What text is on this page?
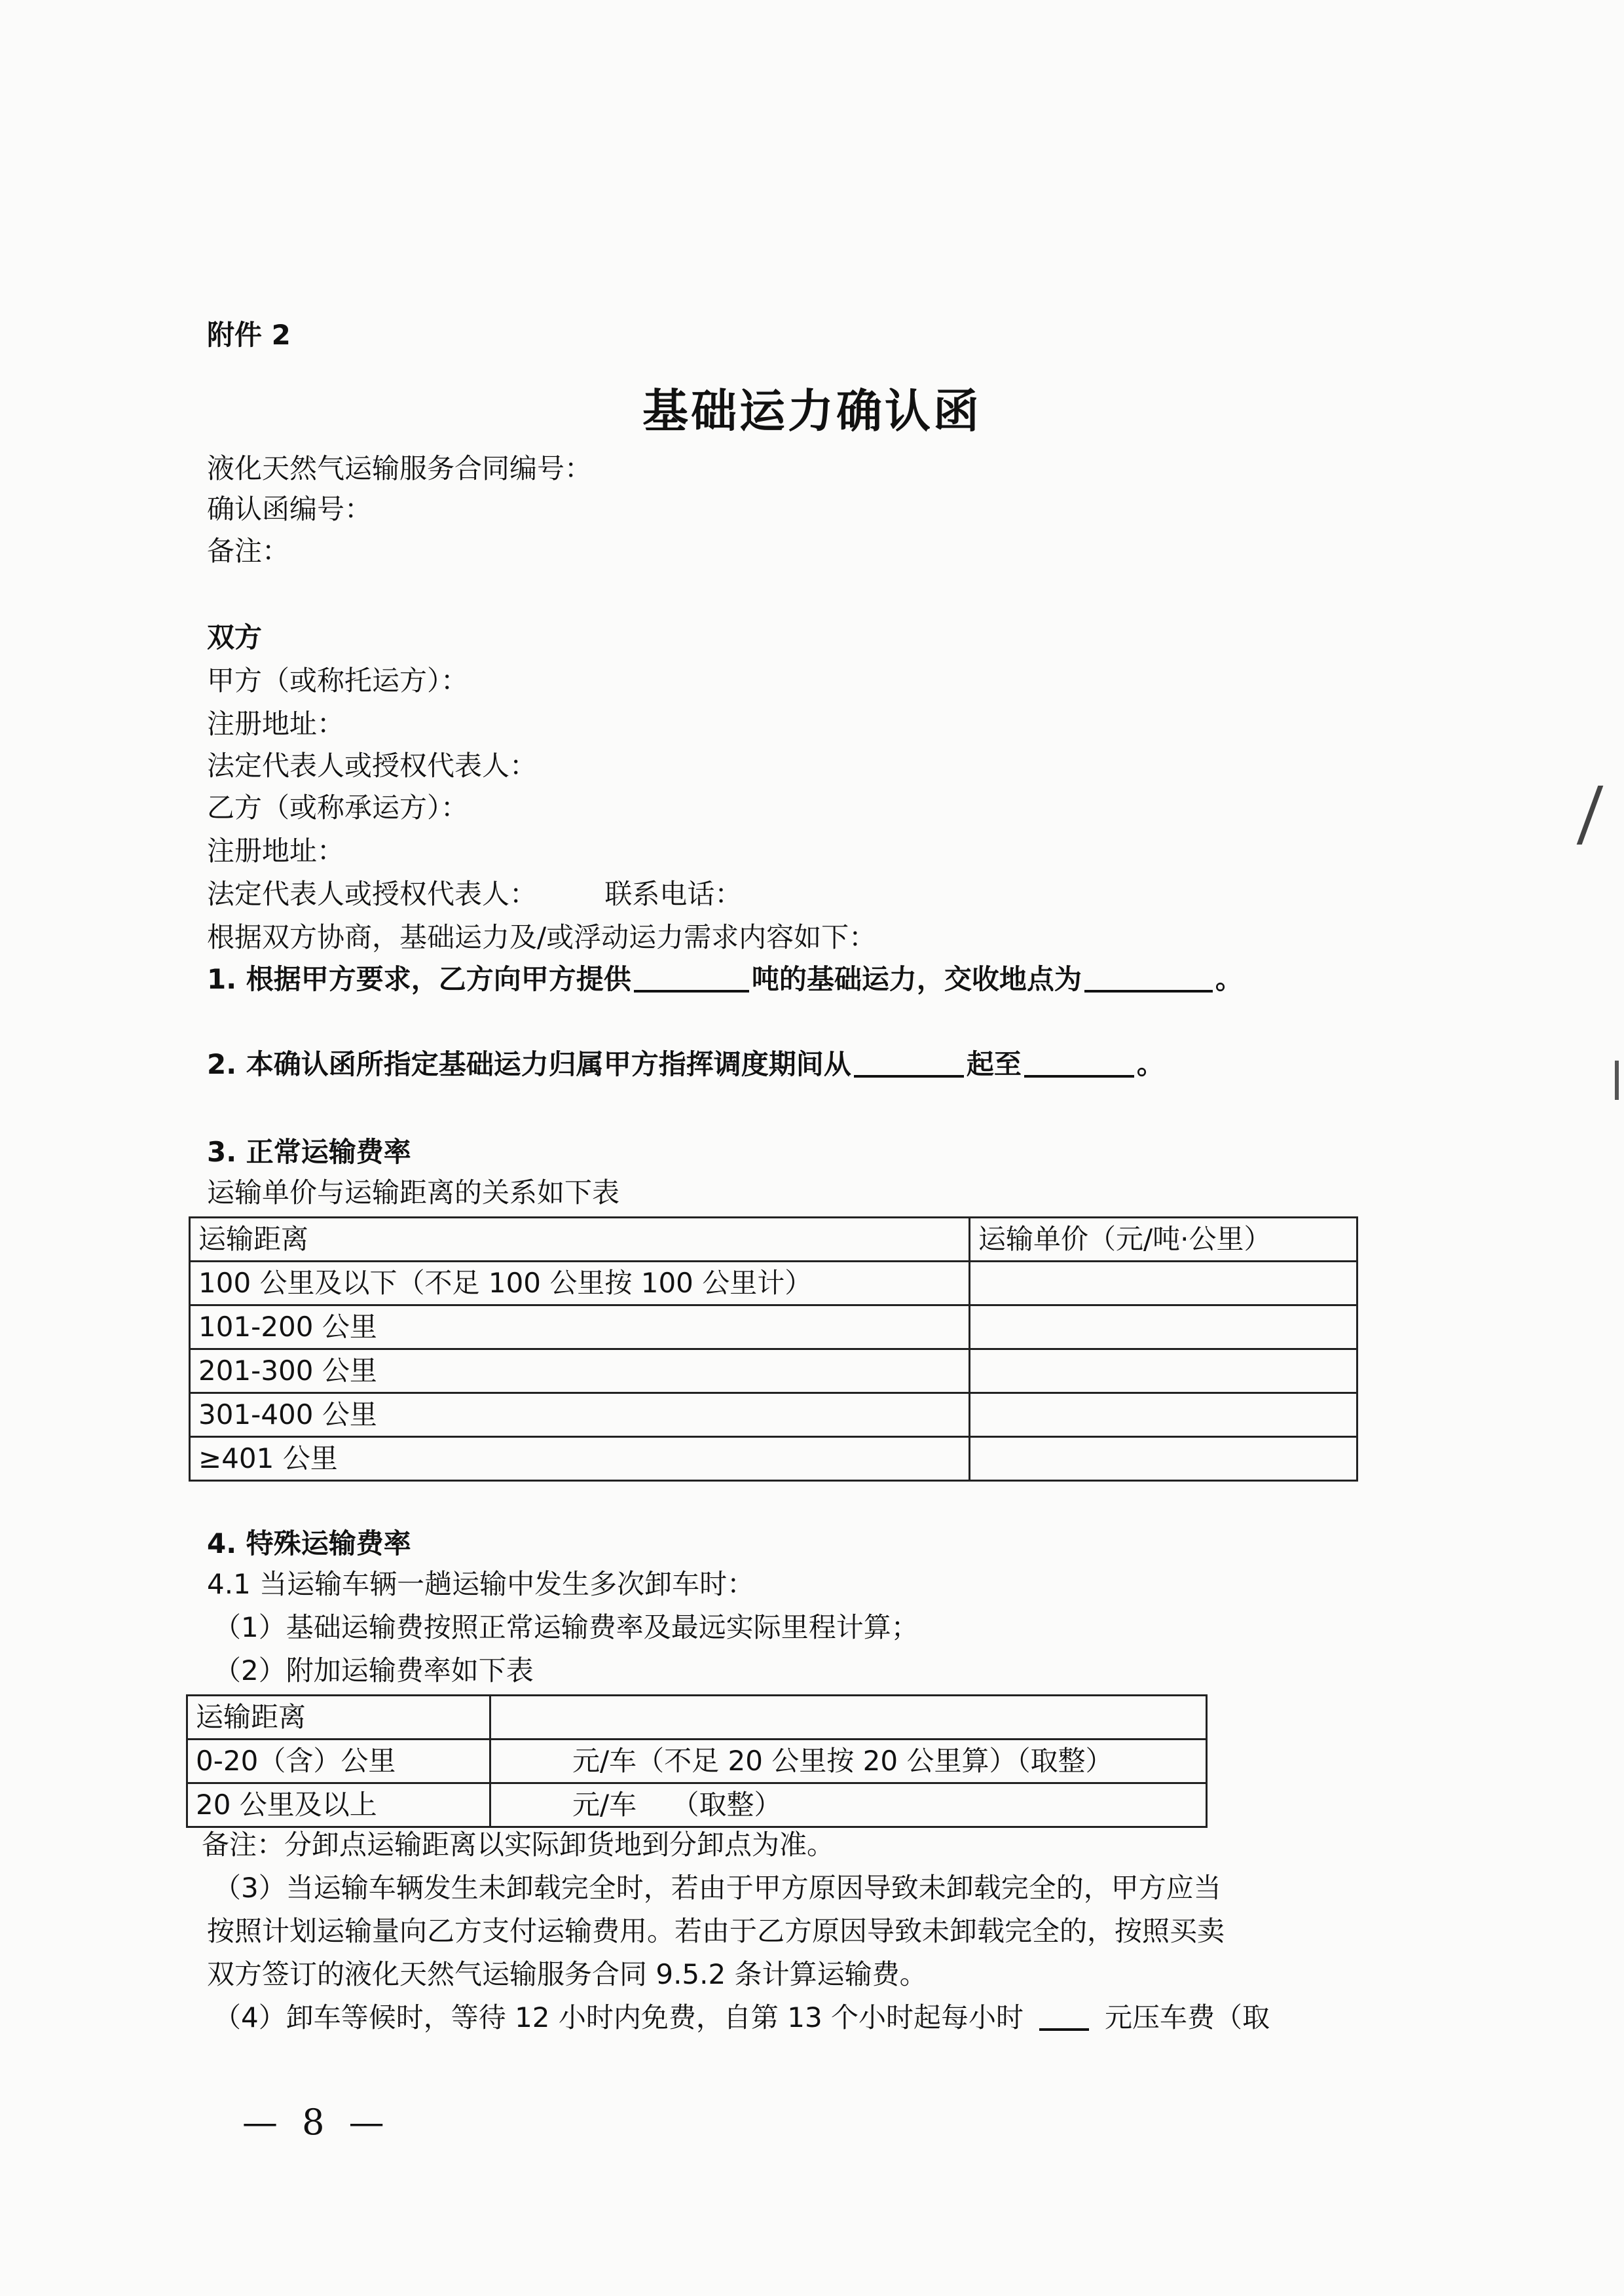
附件 2
基础运力确认函
液化天然气运输服务合同编号：
确认函编号：
备注：
双方
甲方（或称托运方）：
注册地址：
法定代表人或授权代表人：
乙方（或称承运方）：
注册地址：
法定代表人或授权代表人： 联系电话：
根据双方协商，基础运力及/或浮动运力需求内容如下：
1. 根据甲方要求，乙方向甲方提供	吨的基础运力，交收地点为	。
2. 本确认函所指定基础运力归属甲方指挥调度期间从	起至	。
3. 正常运输费率
运输单价与运输距离的关系如下表
运输距离	运输单价（元/吨·公里）
100 公里及以下（不足 100 公里按 100 公里计）	
101-200 公里	
201-300 公里	
301-400 公里	
≥401 公里	
4. 特殊运输费率
4.1 当运输车辆一趟运输中发生多次卸车时：
（1）基础运输费按照正常运输费率及最远实际里程计算；
（2）附加运输费率如下表
运输距离	
0-20（含）公里	元/车（不足 20 公里按 20 公里算）（取整）
20 公里及以上	元/车    （取整）
备注：分卸点运输距离以实际卸货地到分卸点为准。
（3）当运输车辆发生未卸载完全时，若由于甲方原因导致未卸载完全的，甲方应当
按照计划运输量向乙方支付运输费用。若由于乙方原因导致未卸载完全的，按照买卖
双方签订的液化天然气运输服务合同 9.5.2 条计算运输费。
（4）卸车等候时，等待 12 小时内免费，自第 13 个小时起每小时	元压车费（取
— 8 —
